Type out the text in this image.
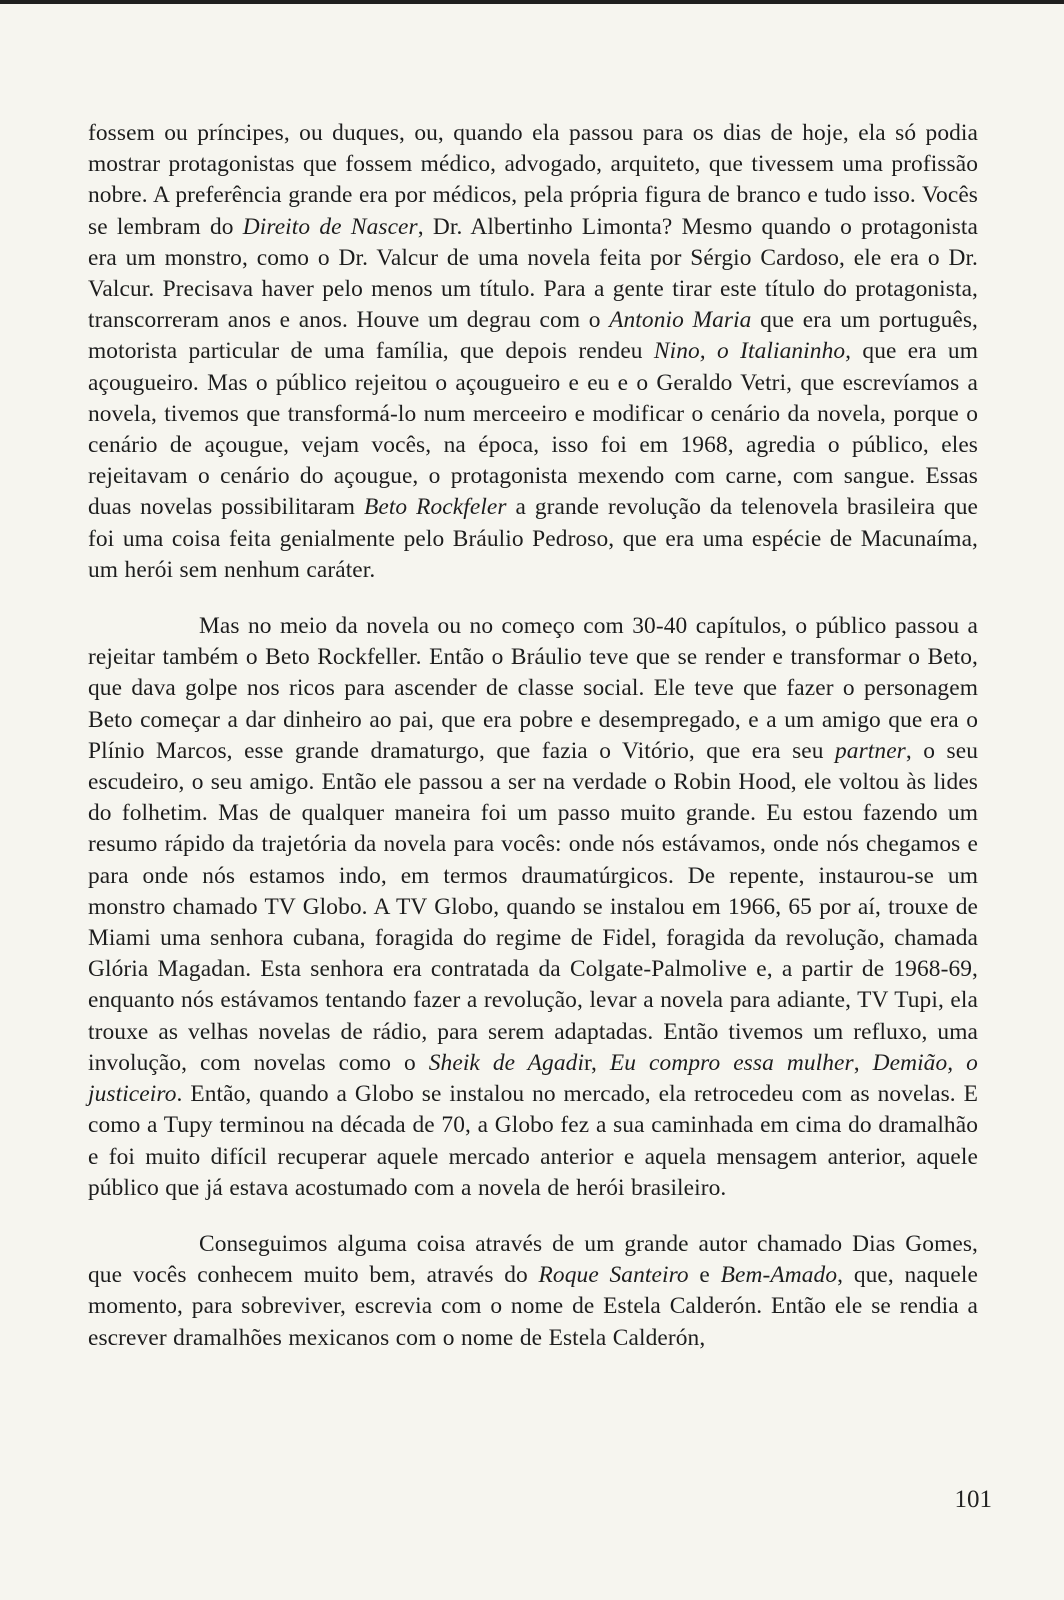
fossem ou príncipes, ou duques, ou, quando ela passou para os dias de hoje, ela só podia mostrar protagonistas que fossem médico, advogado, arquiteto, que tivessem uma profissão nobre. A preferência grande era por médicos, pela própria figura de branco e tudo isso. Vocês se lembram do Direito de Nascer, Dr. Albertinho Limonta? Mesmo quando o protagonista era um monstro, como o Dr. Valcur de uma novela feita por Sérgio Cardoso, ele era o Dr. Valcur. Precisava haver pelo menos um título. Para a gente tirar este título do protagonista, transcorreram anos e anos. Houve um degrau com o Antonio Maria que era um português, motorista particular de uma família, que depois rendeu Nino, o Italianinho, que era um açougueiro. Mas o público rejeitou o açougueiro e eu e o Geraldo Vetri, que escrevíamos a novela, tivemos que transformá-lo num merceeiro e modificar o cenário da novela, porque o cenário de açougue, vejam vocês, na época, isso foi em 1968, agredia o público, eles rejeitavam o cenário do açougue, o protagonista mexendo com carne, com sangue. Essas duas novelas possibilitaram Beto Rockfeler a grande revolução da telenovela brasileira que foi uma coisa feita genialmente pelo Bráulio Pedroso, que era uma espécie de Macunaíma, um herói sem nenhum caráter.

Mas no meio da novela ou no começo com 30-40 capítulos, o público passou a rejeitar também o Beto Rockfeller. Então o Bráulio teve que se render e transformar o Beto, que dava golpe nos ricos para ascender de classe social. Ele teve que fazer o personagem Beto começar a dar dinheiro ao pai, que era pobre e desempregado, e a um amigo que era o Plínio Marcos, esse grande dramaturgo, que fazia o Vitório, que era seu partner, o seu escudeiro, o seu amigo. Então ele passou a ser na verdade o Robin Hood, ele voltou às lides do folhetim. Mas de qualquer maneira foi um passo muito grande. Eu estou fazendo um resumo rápido da trajetória da novela para vocês: onde nós estávamos, onde nós chegamos e para onde nós estamos indo, em termos draumatúrgicos. De repente, instaurou-se um monstro chamado TV Globo. A TV Globo, quando se instalou em 1966, 65 por aí, trouxe de Miami uma senhora cubana, foragida do regime de Fidel, foragida da revolução, chamada Glória Magadan. Esta senhora era contratada da Colgate-Palmolive e, a partir de 1968-69, enquanto nós estávamos tentando fazer a revolução, levar a novela para adiante, TV Tupi, ela trouxe as velhas novelas de rádio, para serem adaptadas. Então tivemos um refluxo, uma involução, com novelas como o Sheik de Agadir, Eu compro essa mulher, Demião, o justiceiro. Então, quando a Globo se instalou no mercado, ela retrocedeu com as novelas. E como a Tupy terminou na década de 70, a Globo fez a sua caminhada em cima do dramalhão e foi muito difícil recuperar aquele mercado anterior e aquela mensagem anterior, aquele público que já estava acostumado com a novela de herói brasileiro.

Conseguimos alguma coisa através de um grande autor chamado Dias Gomes, que vocês conhecem muito bem, através do Roque Santeiro e Bem-Amado, que, naquele momento, para sobreviver, escrevia com o nome de Estela Calderón. Então ele se rendia a escrever dramalhões mexicanos com o nome de Estela Calderón,

101
